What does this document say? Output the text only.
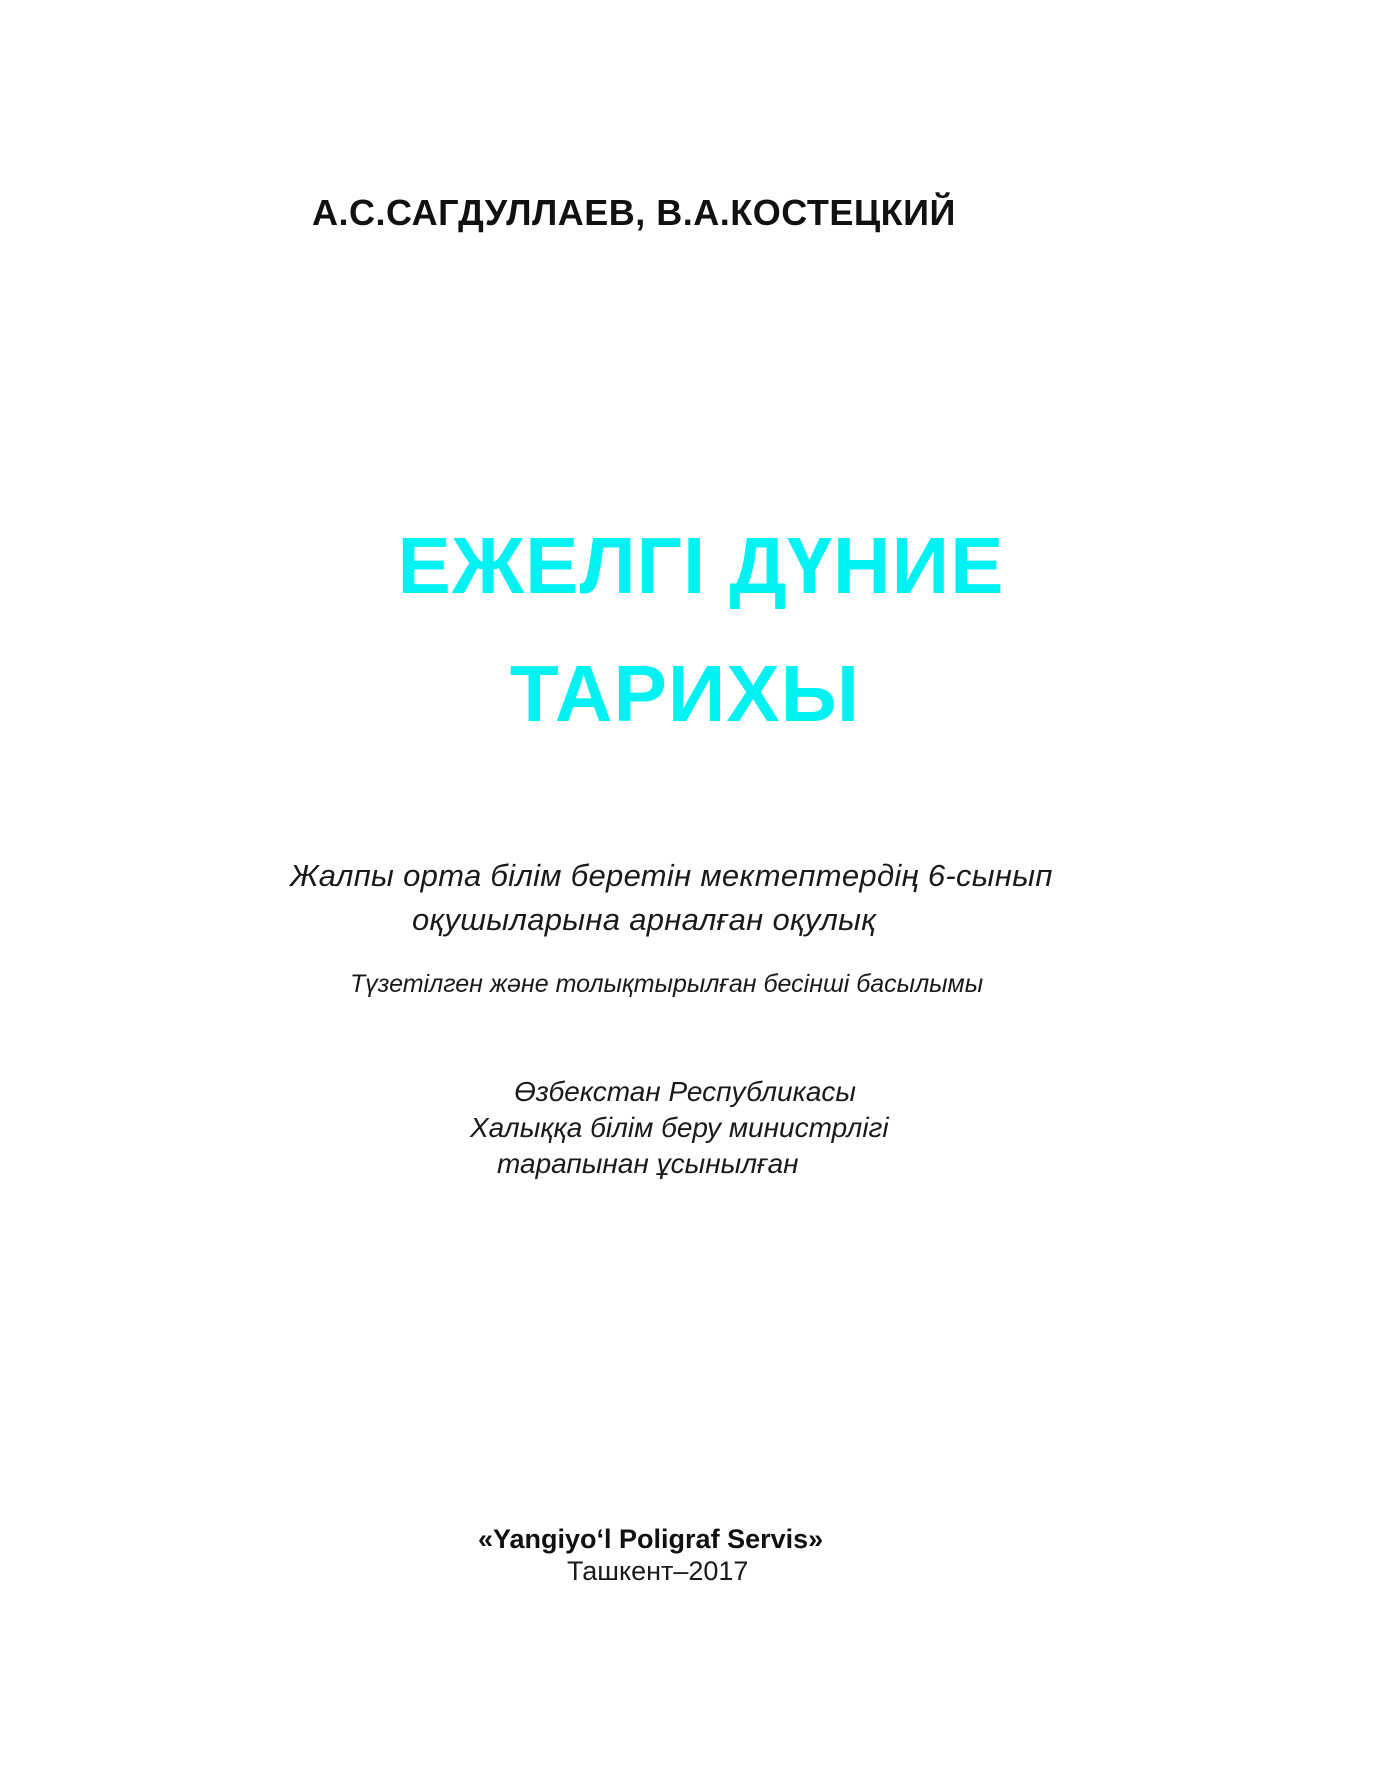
А.С.САГДУЛЛАЕВ, В.А.КОСТЕЦКИЙ
ЕЖЕЛГІ ДҮНИЕ
ТАРИХЫ
Жалпы орта білім беретін мектептердің 6-сынып
оқушыларына арналған оқулық
Түзетілген және толықтырылған бесінші басылымы
Өзбекстан Республикасы
Халыққа білім беру министрлігі
тарапынан ұсынылған
«Yangiyo‘l Poligraf Servis»
Ташкент–2017
